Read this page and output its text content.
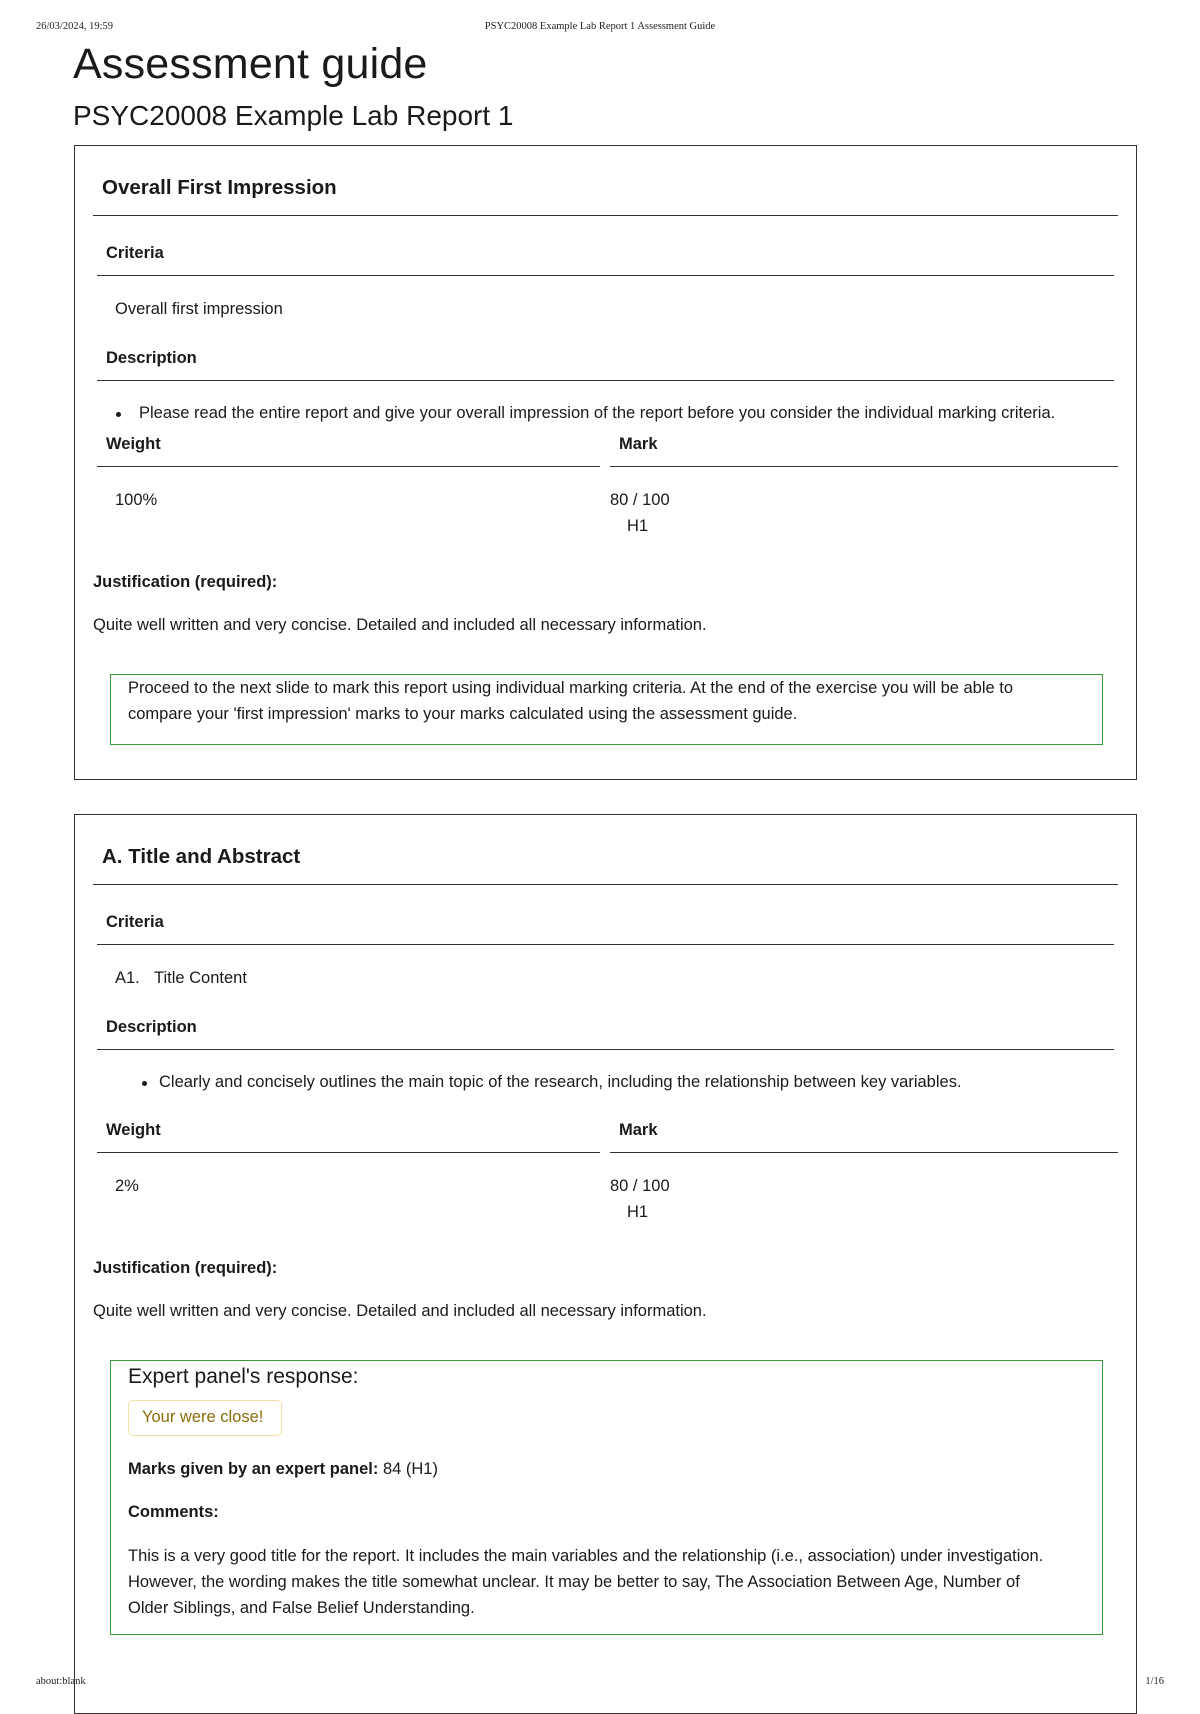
26/03/2024, 19:59	PSYC20008 Example Lab Report 1 Assessment Guide
Assessment guide
PSYC20008 Example Lab Report 1
Overall First Impression
Criteria
Overall first impression
Description
Please read the entire report and give your overall impression of the report before you consider the individual marking criteria.
Weight
100%
Mark
80 / 100
H1
Justification (required):
Quite well written and very concise. Detailed and included all necessary information.
Proceed to the next slide to mark this report using individual marking criteria. At the end of the exercise you will be able to
compare your 'first impression' marks to your marks calculated using the assessment guide.
A. Title and Abstract
Criteria
A1. Title Content
Description
Clearly and concisely outlines the main topic of the research, including the relationship between key variables.
Weight
2%
Mark
80 / 100
H1
Justification (required):
Quite well written and very concise. Detailed and included all necessary information.
Expert panel's response:
Your were close!
Marks given by an expert panel: 84 (H1)
Comments:
This is a very good title for the report. It includes the main variables and the relationship (i.e., association) under investigation.
However, the wording makes the title somewhat unclear. It may be better to say, The Association Between Age, Number of
Older Siblings, and False Belief Understanding.
about:blank	1/16
